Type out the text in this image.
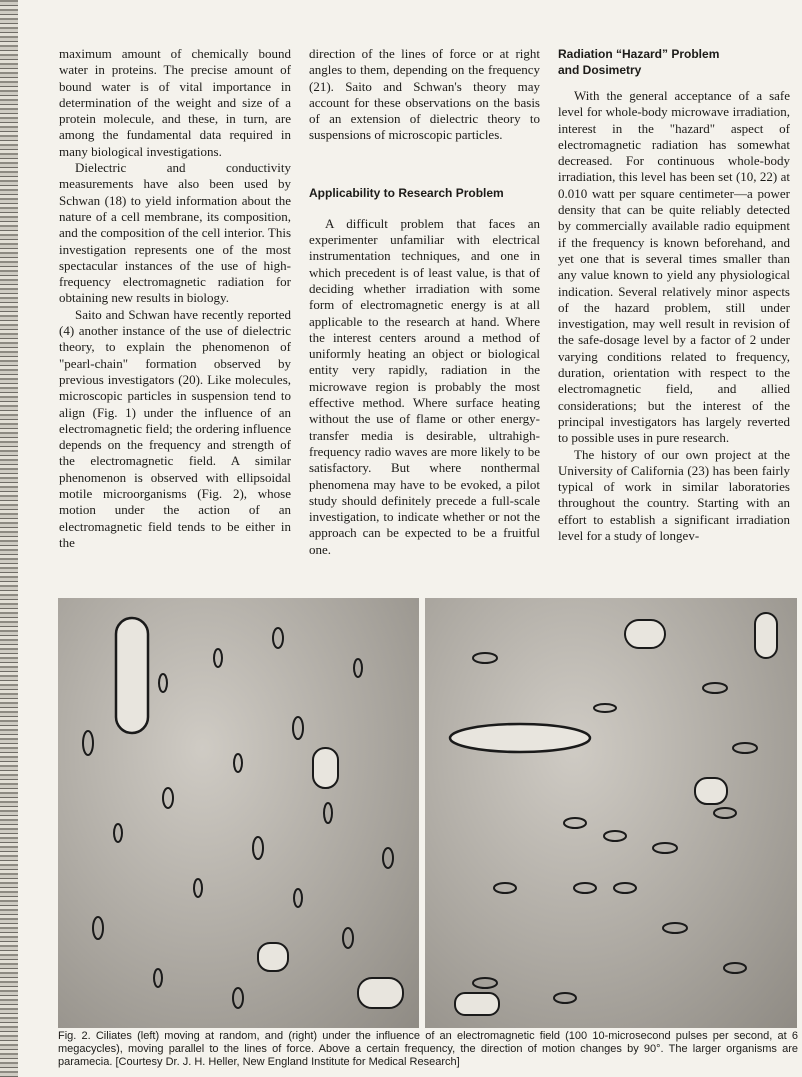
maximum amount of chemically bound water in proteins. The precise amount of bound water is of vital importance in determination of the weight and size of a protein molecule, and these, in turn, are among the fundamental data required in many biological investigations.

Dielectric and conductivity measurements have also been used by Schwan (18) to yield information about the nature of a cell membrane, its composition, and the composition of the cell interior. This investigation represents one of the most spectacular instances of the use of high-frequency electromagnetic radiation for obtaining new results in biology.

Saito and Schwan have recently reported (4) another instance of the use of dielectric theory, to explain the phenomenon of "pearl-chain" formation observed by previous investigators (20). Like molecules, microscopic particles in suspension tend to align (Fig. 1) under the influence of an electromagnetic field; the ordering influence depends on the frequency and strength of the electromagnetic field. A similar phenomenon is observed with ellipsoidal motile microorganisms (Fig. 2), whose motion under the action of an electromagnetic field tends to be either in the

direction of the lines of force or at right angles to them, depending on the frequency (21). Saito and Schwan's theory may account for these observations on the basis of an extension of dielectric theory to suspensions of microscopic particles.

Applicability to Research Problem

A difficult problem that faces an experimenter unfamiliar with electrical instrumentation techniques, and one in which precedent is of least value, is that of deciding whether irradiation with some form of electromagnetic energy is at all applicable to the research at hand. Where the interest centers around a method of uniformly heating an object or biological entity very rapidly, radiation in the microwave region is probably the most effective method. Where surface heating without the use of flame or other energy-transfer media is desirable, ultrahigh-frequency radio waves are more likely to be satisfactory. But where nonthermal phenomena may have to be evoked, a pilot study should definitely precede a full-scale investigation, to indicate whether or not the approach can be expected to be a fruitful one.

Radiation “Hazard” Problem
and Dosimetry

With the general acceptance of a safe level for whole-body microwave irradiation, interest in the "hazard" aspect of electromagnetic radiation has somewhat decreased. For continuous whole-body irradiation, this level has been set (10, 22) at 0.010 watt per square centimeter—a power density that can be quite reliably detected by commercially available radio equipment if the frequency is known beforehand, and yet one that is several times smaller than any value known to yield any physiological indication. Several relatively minor aspects of the hazard problem, still under investigation, may well result in revision of the safe-dosage level by a factor of 2 under varying conditions related to frequency, duration, orientation with respect to the electromagnetic field, and allied considerations; but the interest of the principal investigators has largely reverted to possible uses in pure research.

The history of our own project at the University of California (23) has been fairly typical of work in similar laboratories throughout the country. Starting with an effort to establish a significant irradiation level for a study of longev-

Fig. 2. Ciliates (left) moving at random, and (right) under the influence of an electromagnetic field (100 10-microsecond pulses per second, at 6 megacycles), moving parallel to the lines of force. Above a certain frequency, the direction of motion changes by 90°. The larger organisms are paramecia. [Courtesy Dr. J. H. Heller, New England Institute for Medical Research]
